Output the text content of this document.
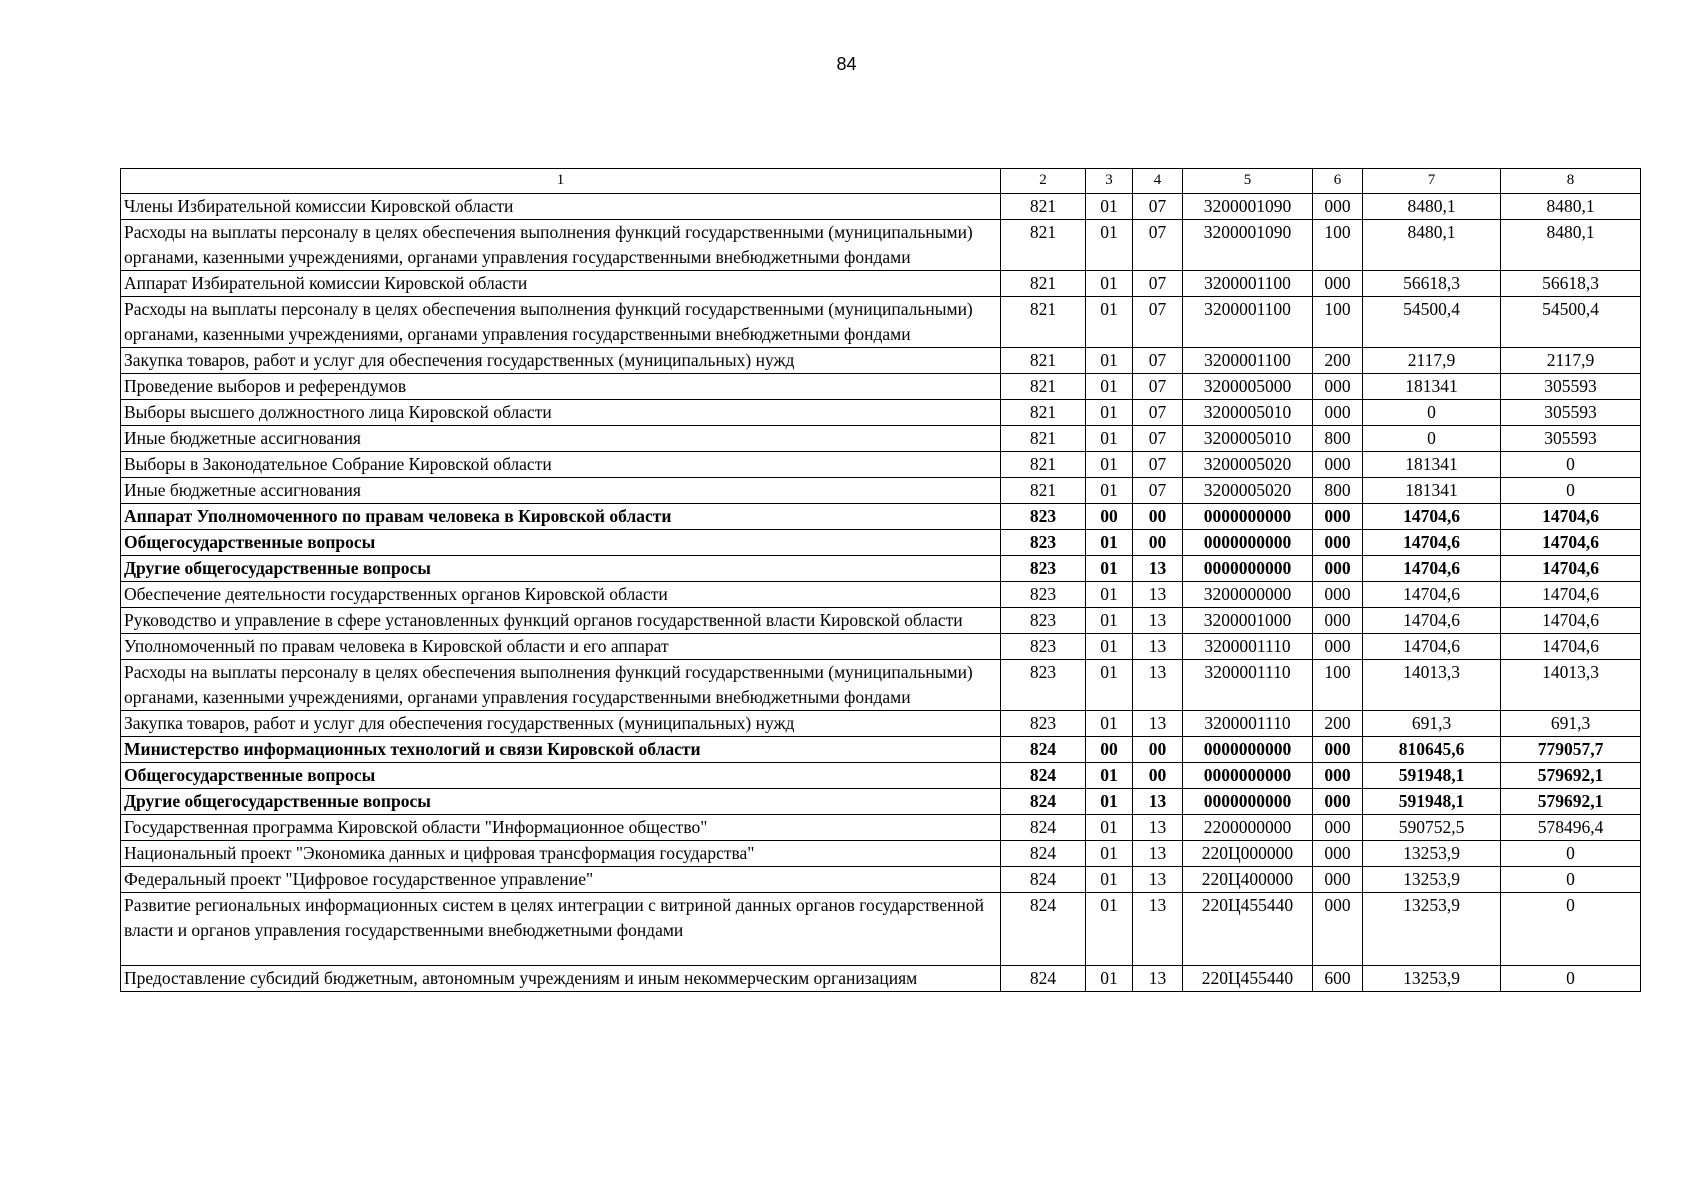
84
1	2	3	4	5	6	7	8
Члены Избирательной комиссии Кировской области	821	01	07	3200001090	000	8480,1	8480,1
Расходы на выплаты персоналу в целях обеспечения выполнения функций государственными (муниципальными) органами, казенными учреждениями, органами управления государственными внебюджетными фондами	821	01	07	3200001090	100	8480,1	8480,1
Аппарат Избирательной комиссии Кировской области	821	01	07	3200001100	000	56618,3	56618,3
Расходы на выплаты персоналу в целях обеспечения выполнения функций государственными (муниципальными) органами, казенными учреждениями, органами управления государственными внебюджетными фондами	821	01	07	3200001100	100	54500,4	54500,4
Закупка товаров, работ и услуг для обеспечения государственных (муниципальных) нужд	821	01	07	3200001100	200	2117,9	2117,9
Проведение выборов и референдумов	821	01	07	3200005000	000	181341	305593
Выборы высшего должностного лица Кировской области	821	01	07	3200005010	000	0	305593
Иные бюджетные ассигнования	821	01	07	3200005010	800	0	305593
Выборы в Законодательное Собрание Кировской области	821	01	07	3200005020	000	181341	0
Иные бюджетные ассигнования	821	01	07	3200005020	800	181341	0
Аппарат Уполномоченного по правам человека в Кировской области	823	00	00	0000000000	000	14704,6	14704,6
Общегосударственные вопросы	823	01	00	0000000000	000	14704,6	14704,6
Другие общегосударственные вопросы	823	01	13	0000000000	000	14704,6	14704,6
Обеспечение деятельности государственных органов Кировской области	823	01	13	3200000000	000	14704,6	14704,6
Руководство и управление в сфере установленных функций органов государственной власти Кировской области	823	01	13	3200001000	000	14704,6	14704,6
Уполномоченный по правам человека в Кировской области и его аппарат	823	01	13	3200001110	000	14704,6	14704,6
Расходы на выплаты персоналу в целях обеспечения выполнения функций государственными (муниципальными) органами, казенными учреждениями, органами управления государственными внебюджетными фондами	823	01	13	3200001110	100	14013,3	14013,3
Закупка товаров, работ и услуг для обеспечения государственных (муниципальных) нужд	823	01	13	3200001110	200	691,3	691,3
Министерство информационных технологий и связи Кировской области	824	00	00	0000000000	000	810645,6	779057,7
Общегосударственные вопросы	824	01	00	0000000000	000	591948,1	579692,1
Другие общегосударственные вопросы	824	01	13	0000000000	000	591948,1	579692,1
Государственная программа Кировской области "Информационное общество"	824	01	13	2200000000	000	590752,5	578496,4
Национальный проект "Экономика данных и цифровая трансформация государства"	824	01	13	220Ц000000	000	13253,9	0
Федеральный проект "Цифровое государственное управление"	824	01	13	220Ц400000	000	13253,9	0
Развитие региональных информационных систем в целях интеграции с витриной данных органов государственной власти и органов управления государственными внебюджетными фондами	824	01	13	220Ц455440	000	13253,9	0
Предоставление субсидий бюджетным, автономным учреждениям и иным некоммерческим организациям	824	01	13	220Ц455440	600	13253,9	0
